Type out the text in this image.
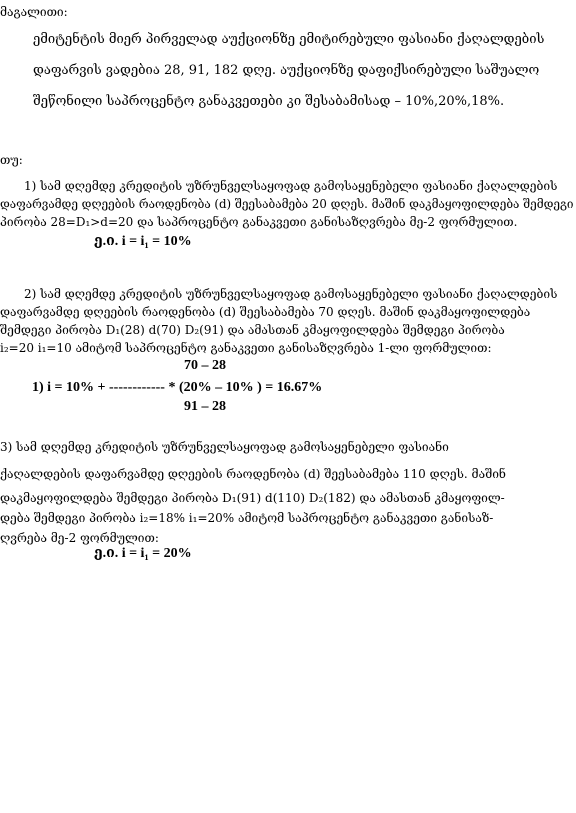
მაგალითი:
ემიტენტის მიერ პირველად აუქციონზე ემიტირებული ფასიანი ქაღალდების
დაფარვის ვადებია 28, 91, 182 დღე. აუქციონზე დაფიქსირებული საშუალო
შეწონილი საპროცენტო განაკვეთები კი შესაბამისად – 10%,20%,18%.
თუ:
1) სამ დღემდე კრედიტის უზრუნველსაყოფად გამოსაყენებელი ფასიანი ქაღალდების
დაფარვამდე დღეების რაოდენობა (d) შეესაბამება 20 დღეს. მაშინ დაკმაყოფილდება შემდეგი
პირობა 28=D₁>d=20 და საპროცენტო განაკვეთი განისაზღვრება მე-2 ფორმულით.
ე.ი. i = i₁ = 10%
2) სამ დღემდე კრედიტის უზრუნველსაყოფად გამოსაყენებელი ფასიანი ქაღალდების
დაფარვამდე დღეების რაოდენობა (d) შეესაბამება 70 დღეს. მაშინ დაკმაყოფილდება
შემდეგი პირობა D₁(28) d(70) D₂(91) და ამასთან კმაყოფილდება შემდეგი პირობა
i₂=20 i₁=10 ამიტომ საპროცენტო განაკვეთი განისაზღვრება 1-ლი ფორმულით:
70 – 28
1) i = 10% + ------------ * (20% – 10% ) = 16.67%
91 – 28
3) სამ დღემდე კრედიტის უზრუნველსაყოფად გამოსაყენებელი ფასიანი
ქაღალდების დაფარვამდე დღეების რაოდენობა (d) შეესაბამება 110 დღეს. მაშინ
დაკმაყოფილდება შემდეგი პირობა D₁(91) d(110) D₂(182) და ამასთან კმაყოფილ-
დება შემდეგი პირობა i₂=18% i₁=20% ამიტომ საპროცენტო განაკვეთი განისაზ-
ღვრება მე-2 ფორმულით:
ე.ი. i = i₁ = 20%
